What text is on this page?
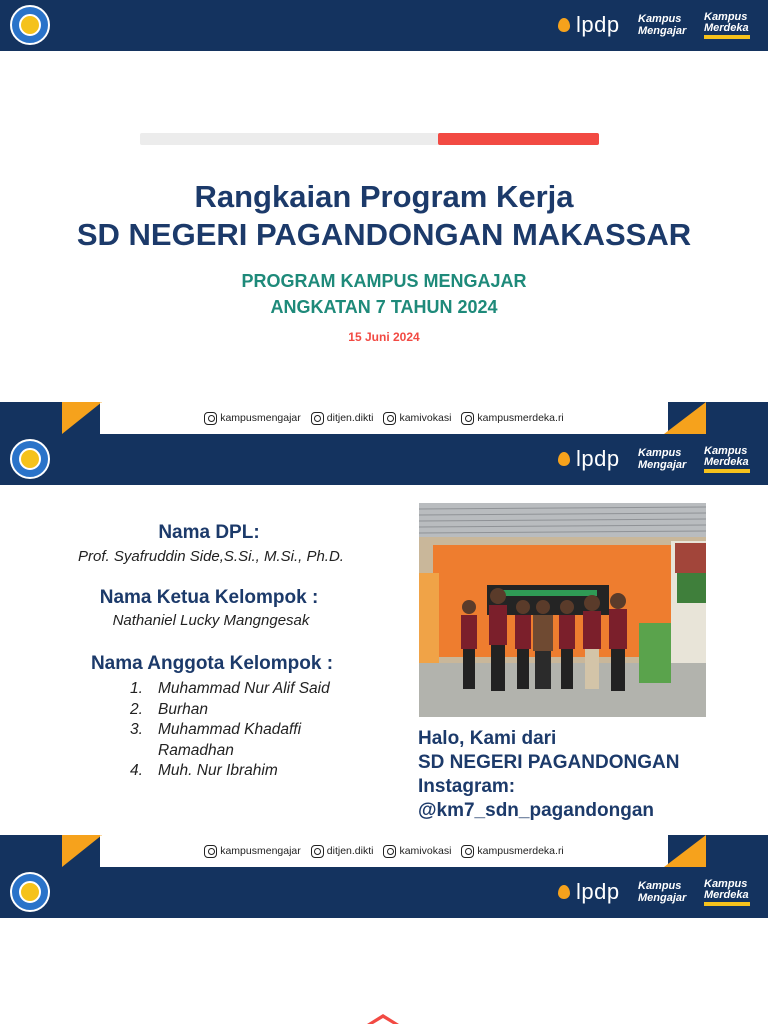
lpdp Kampus
Mengajar
Kampus
Merdeka
Rangkaian Program Kerja
SD NEGERI PAGANDONGAN MAKASSAR
PROGRAM KAMPUS MENGAJAR
ANGKATAN 7 TAHUN 2024
15 Juni 2024
kampusmengajar ditjen.dikti kamivokasi kampusmerdeka.ri
lpdp Kampus
Mengajar
Kampus
Merdeka
Nama DPL:
Prof. Syafruddin Side,S.Si., M.Si., Ph.D.
Nama Ketua Kelompok :
Nathaniel Lucky Mangngesak
Nama Anggota Kelompok :
1. Muhammad Nur Alif Said
2. Burhan
3. Muhammad Khadaffi Ramadhan
4. Muh. Nur Ibrahim
Halo, Kami dari
SD NEGERI PAGANDONGAN
Instagram:
@km7_sdn_pagandongan
kampusmengajar ditjen.dikti kamivokasi kampusmerdeka.ri
lpdp Kampus
Mengajar
Kampus
Merdeka
